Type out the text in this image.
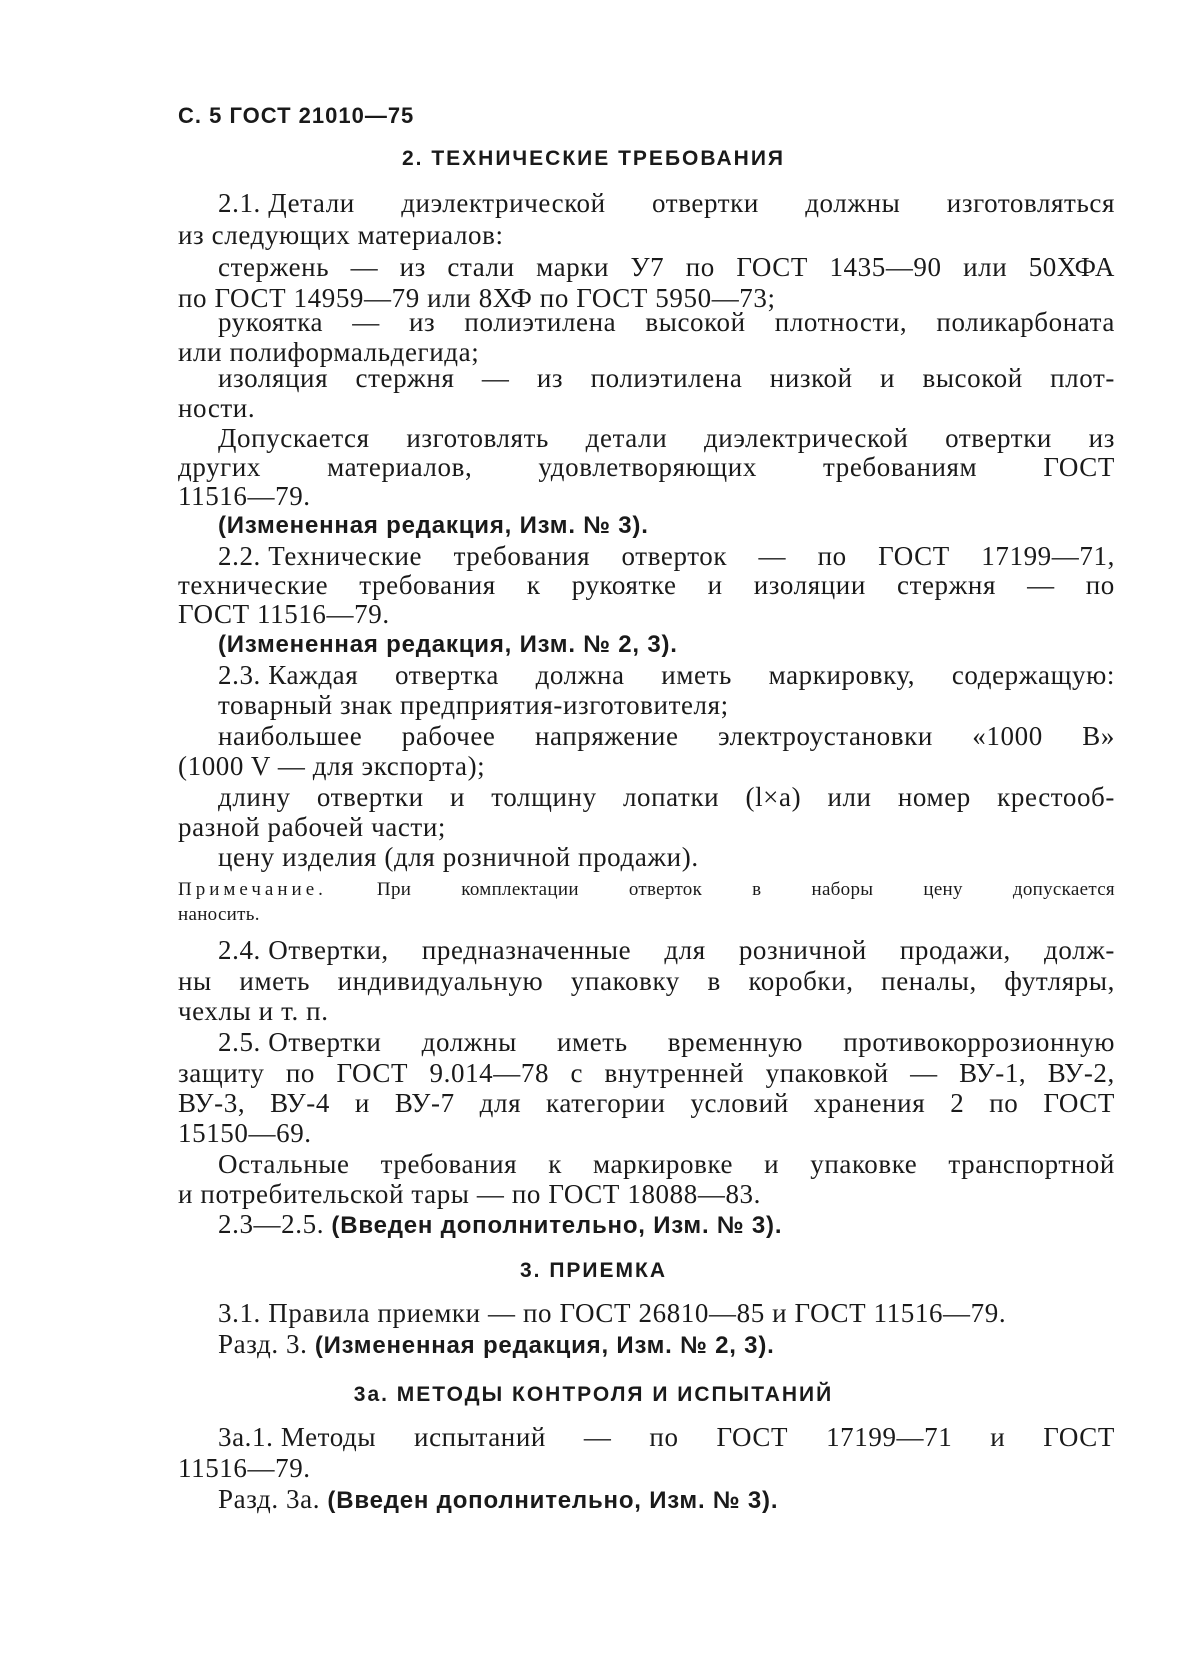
С. 5 ГОСТ 21010—75
2. ТЕХНИЧЕСКИЕ ТРЕБОВАНИЯ
2.1. Детали диэлектрической отвертки должны изготовляться
из следующих материалов:
стержень — из стали марки У7 по ГОСТ 1435—90 или 50ХФА
по ГОСТ 14959—79 или 8ХФ по ГОСТ 5950—73;
рукоятка — из полиэтилена высокой плотности, поликарбоната
или полиформальдегида;
изоляция стержня — из полиэтилена низкой и высокой плот-
ности.
Допускается изготовлять детали диэлектрической отвертки из
других материалов, удовлетворяющих требованиям ГОСТ
11516—79.
(Измененная редакция, Изм. № 3).
2.2. Технические требования отверток — по ГОСТ 17199—71,
технические требования к рукоятке и изоляции стержня — по
ГОСТ 11516—79.
(Измененная редакция, Изм. № 2, 3).
2.3. Каждая отвертка должна иметь маркировку, содержащую:
товарный знак предприятия-изготовителя;
наибольшее рабочее напряжение электроустановки «1000 В»
(1000 V — для экспорта);
длину отвертки и толщину лопатки (l×a) или номер крестооб-
разной рабочей части;
цену изделия (для розничной продажи).
Примечание.	При	комплектации	отверток	в	наборы	цену	допускается
наносить.
2.4. Отвертки, предназначенные для розничной продажи, долж-
ны иметь индивидуальную упаковку в коробки, пеналы, футляры,
чехлы и т. п.
2.5. Отвертки должны иметь временную противокоррозионную
защиту по ГОСТ 9.014—78 с внутренней упаковкой — ВУ-1, ВУ-2,
ВУ-3, ВУ-4 и ВУ-7 для категории условий хранения 2 по ГОСТ
15150—69.
Остальные требования к маркировке и упаковке транспортной
и потребительской тары — по ГОСТ 18088—83.
2.3—2.5. (Введен дополнительно, Изм. № 3).
3. ПРИЕМКА
3.1. Правила приемки — по ГОСТ 26810—85 и ГОСТ 11516—79.
Разд. 3. (Измененная редакция, Изм. № 2, 3).
3а. МЕТОДЫ КОНТРОЛЯ И ИСПЫТАНИЙ
3а.1. Методы испытаний — по ГОСТ 17199—71 и ГОСТ
11516—79.
Разд. 3а. (Введен дополнительно, Изм. № 3).
